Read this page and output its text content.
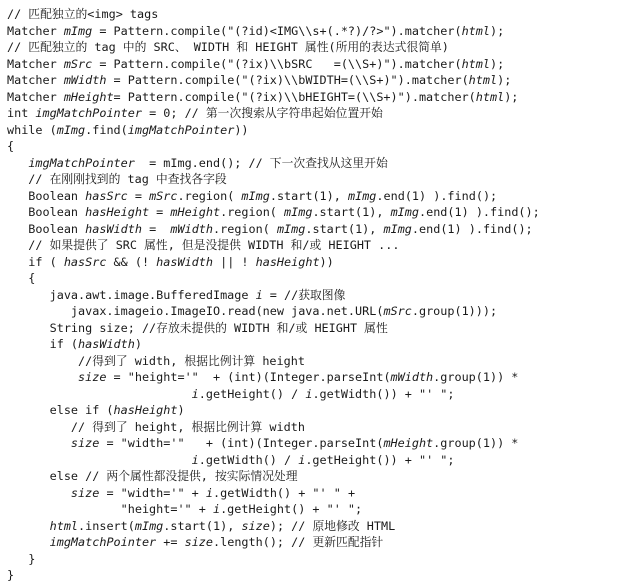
// 匹配独立的<img> tags
Matcher mImg = Pattern.compile("(?id)<IMG\\s+(.*?)/?>").matcher(html);
// 匹配独立的 tag 中的 SRC、 WIDTH 和 HEIGHT 属性(所用的表达式很简单)
Matcher mSrc = Pattern.compile("(?ix)\\bSRC   =(\\S+)").matcher(html);
Matcher mWidth = Pattern.compile("(?ix)\\bWIDTH=(\\S+)").matcher(html);
Matcher mHeight= Pattern.compile("(?ix)\\bHEIGHT=(\\S+)").matcher(html);
int imgMatchPointer = 0; // 第一次搜索从字符串起始位置开始
while (mImg.find(imgMatchPointer))
{
imgMatchPointer  = mImg.end(); // 下一次查找从这里开始
// 在刚刚找到的 tag 中查找各字段
Boolean hasSrc = mSrc.region( mImg.start(1), mImg.end(1) ).find();
Boolean hasHeight = mHeight.region( mImg.start(1), mImg.end(1) ).find();
Boolean hasWidth =  mWidth.region( mImg.start(1), mImg.end(1) ).find();
// 如果提供了 SRC 属性, 但是没提供 WIDTH 和/或 HEIGHT ...
if ( hasSrc && (! hasWidth || ! hasHeight))
{
java.awt.image.BufferedImage i = //获取图像
javax.imageio.ImageIO.read(new java.net.URL(mSrc.group(1)));
String size; //存放未提供的 WIDTH 和/或 HEIGHT 属性
if (hasWidth)
//得到了 width, 根据比例计算 height
size = "height='"  + (int)(Integer.parseInt(mWidth.group(1)) *
i.getHeight() / i.getWidth()) + "' ";
else if (hasHeight)
// 得到了 height, 根据比例计算 width
size = "width='"   + (int)(Integer.parseInt(mHeight.group(1)) *
i.getWidth() / i.getHeight()) + "' ";
else // 两个属性都没提供, 按实际情况处理
size = "width='" + i.getWidth() + "' " +
"height='" + i.getHeight() + "' ";
html.insert(mImg.start(1), size); // 原地修改 HTML
imgMatchPointer += size.length(); // 更新匹配指针
}
}
